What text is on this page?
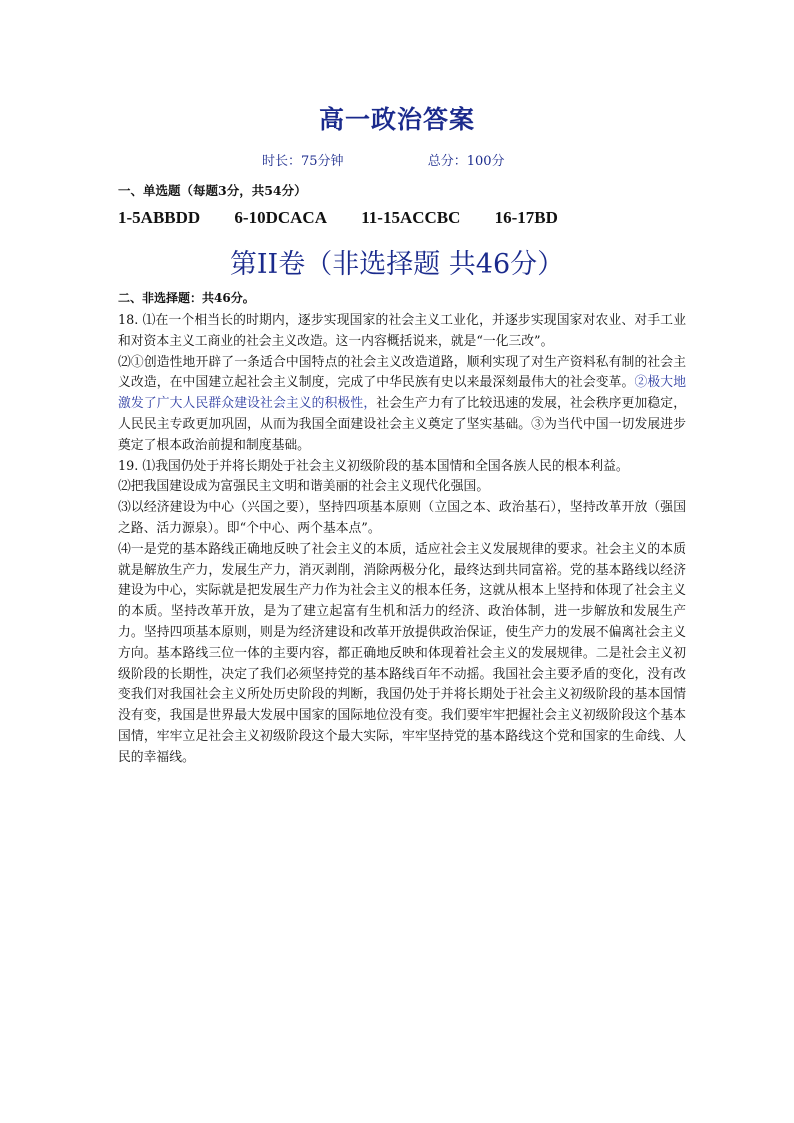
高一政治答案
时长：75分钟	总分：100分
一、单选题（每题3分，共54分）
1-5ABBDD 6-10DCACA 11-15ACCBC 16-17BD
第II卷（非选择题 共46分）
二、非选择题：共46分。

18. ⑴在一个相当长的时期内，逐步实现国家的社会主义工业化，并逐步实现国家对农业、对手工业和对资本主义工商业的社会主义改造。这一内容概括说来，就是“一化三改”。

⑵①创造性地开辟了一条适合中国特点的社会主义改造道路，顺利实现了对生产资料私有制的社会主义改造，在中国建立起社会主义制度，完成了中华民族有史以来最深刻最伟大的社会变革。②极大地激发了广大人民群众建设社会主义的积极性，社会生产力有了比较迅速的发展，社会秩序更加稳定，人民民主专政更加巩固，从而为我国全面建设社会主义奠定了坚实基础。③为当代中国一切发展进步奠定了根本政治前提和制度基础。

19. ⑴我国仍处于并将长期处于社会主义初级阶段的基本国情和全国各族人民的根本利益。

⑵把我国建设成为富强民主文明和谐美丽的社会主义现代化强国。

⑶以经济建设为中心（兴国之要），坚持四项基本原则（立国之本、政治基石），坚持改革开放（强国之路、活力源泉）。即“个中心、两个基本点”。

⑷一是党的基本路线正确地反映了社会主义的本质，适应社会主义发展规律的要求。社会主义的本质就是解放生产力，发展生产力，消灭剥削，消除两极分化，最终达到共同富裕。党的基本路线以经济建设为中心，实际就是把发展生产力作为社会主义的根本任务，这就从根本上坚持和体现了社会主义的本质。坚持改革开放，是为了建立起富有生机和活力的经济、政治体制，进一步解放和发展生产力。坚持四项基本原则，则是为经济建设和改革开放提供政治保证，使生产力的发展不偏离社会主义方向。基本路线三位一体的主要内容，都正确地反映和体现着社会主义的发展规律。二是社会主义初级阶段的长期性，决定了我们必须坚持党的基本路线百年不动摇。我国社会主要矛盾的变化，没有改变我们对我国社会主义所处历史阶段的判断，我国仍处于并将长期处于社会主义初级阶段的基本国情没有变，我国是世界最大发展中国家的国际地位没有变。我们要牢牢把握社会主义初级阶段这个基本国情，牢牢立足社会主义初级阶段这个最大实际，牢牢坚持党的基本路线这个党和国家的生命线、人民的幸福线。
